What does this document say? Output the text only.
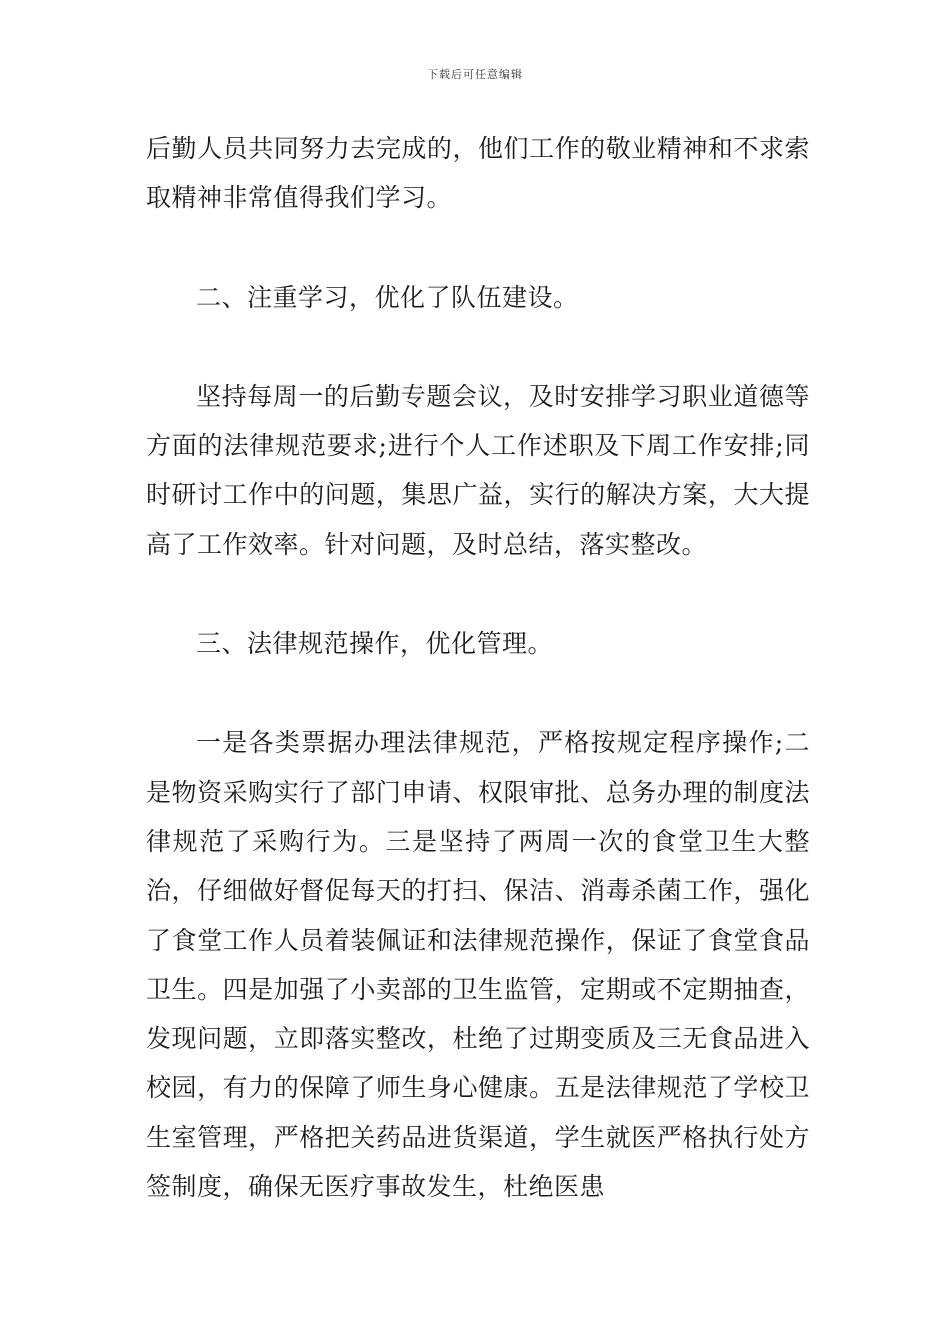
下载后可任意编辑

后勤人员共同努力去完成的，他们工作的敬业精神和不求索取精神非常值得我们学习。

二、注重学习，优化了队伍建设。

坚持每周一的后勤专题会议，及时安排学习职业道德等方面的法律规范要求;进行个人工作述职及下周工作安排;同时研讨工作中的问题，集思广益，实行的解决方案，大大提高了工作效率。针对问题，及时总结，落实整改。

三、法律规范操作，优化管理。

一是各类票据办理法律规范，严格按规定程序操作;二是物资采购实行了部门申请、权限审批、总务办理的制度法律规范了采购行为。三是坚持了两周一次的食堂卫生大整治，仔细做好督促每天的打扫、保洁、消毒杀菌工作，强化了食堂工作人员着装佩证和法律规范操作，保证了食堂食品卫生。四是加强了小卖部的卫生监管，定期或不定期抽查，发现问题，立即落实整改，杜绝了过期变质及三无食品进入校园，有力的保障了师生身心健康。五是法律规范了学校卫生室管理，严格把关药品进货渠道，学生就医严格执行处方签制度，确保无医疗事故发生，杜绝医患
